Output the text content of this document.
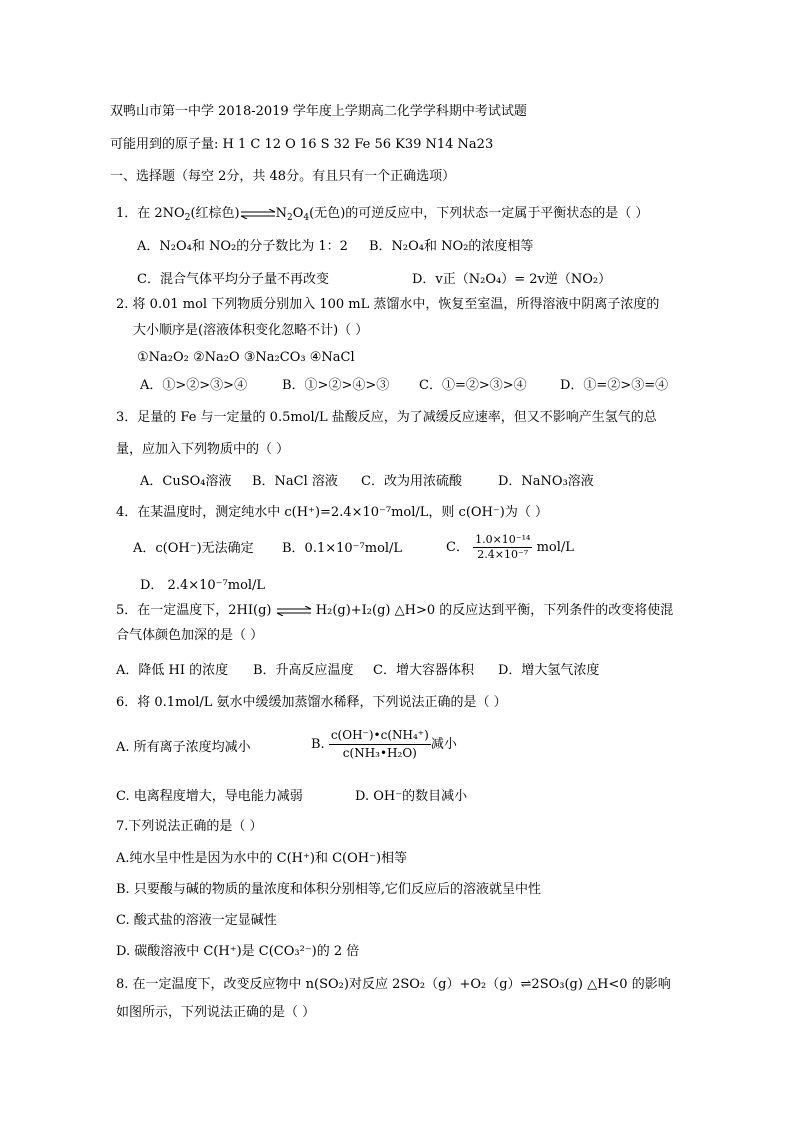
双鸭山市第一中学 2018-2019 学年度上学期高二化学学科期中考试试题
可能用到的原子量: H 1 C 12 O 16 S 32 Fe 56 K39 N14 Na23
一、选择题（每空 2分，共 48分。有且只有一个正确选项）
1．在 $2NO_2$(红棕色)$\rightleftharpoons N_2O_4$(无色)的可逆反应中，下列状态一定属于平衡状态的是（ ）
A．N₂O₄和 NO₂的分子数比为 1：2 B．N₂O₄和 NO₂的浓度相等
C．混合气体平均分子量不再改变	D．v正（N₂O₄）= 2v逆（NO₂）
2. 将 0.01 mol 下列物质分别加入 100 mL 蒸馏水中，恢复至室温，所得溶液中阴离子浓度的
大小顺序是(溶液体积变化忽略不计)（ ）
①Na₂O₂ ②Na₂O ③Na₂CO₃ ④NaCl
A．①>②>③>④	B．①>②>④>③ C．①=②>③>④	D．①=②>③=④
3．足量的 Fe 与一定量的 0.5mol/L 盐酸反应，为了减缓反应速率，但又不影响产生氢气的总
量，应加入下列物质中的（ ）
A．CuSO₄溶液 B．NaCl 溶液 C．改为用浓硫酸	D．NaNO₃溶液
4．在某温度时，测定纯水中 c(H⁺)=2.4×10⁻⁷mol/L，则 c(OH⁻)为（ ）
A．c(OH⁻)无法确定 B．0.1×10⁻⁷mol/L	C． $\frac{\text{1.0×10⁻¹⁴}}{\text{2.4×10⁻⁷}} mol/L$
D． 2.4×10⁻⁷mol/L
5．在一定温度下，2HI(g) ⇌ H₂(g)+I₂(g) △H>0 的反应达到平衡，下列条件的改变将使混
合气体颜色加深的是（ ）
A．降低 HI 的浓度 B．升高反应温度 C．增大容器体积 D．增大氢气浓度
6．将 0.1mol/L 氨水中缓缓加蒸馏水稀释，下列说法正确的是（ ）
A. 所有离子浓度均减小	B. $\frac{\text{c(OH⁻)•c(NH₄⁺)}}{\text{c(NH₃•H₂O)}}$ 减小
C. 电离程度增大，导电能力减弱	D. OH⁻的数目减小
7.下列说法正确的是（ ）
A.纯水呈中性是因为水中的 C(H⁺)和 C(OH⁻)相等
B. 只要酸与碱的物质的量浓度和体积分别相等,它们反应后的溶液就呈中性
C. 酸式盐的溶液一定显碱性
D. 碳酸溶液中 C(H⁺)是 C(CO₃²⁻)的 2 倍
8. 在一定温度下，改变反应物中 n(SO₂)对反应 2SO₂（g）+O₂（g）⇌2SO₃(g) △H<0 的影响
如图所示，下列说法正确的是（ ）
